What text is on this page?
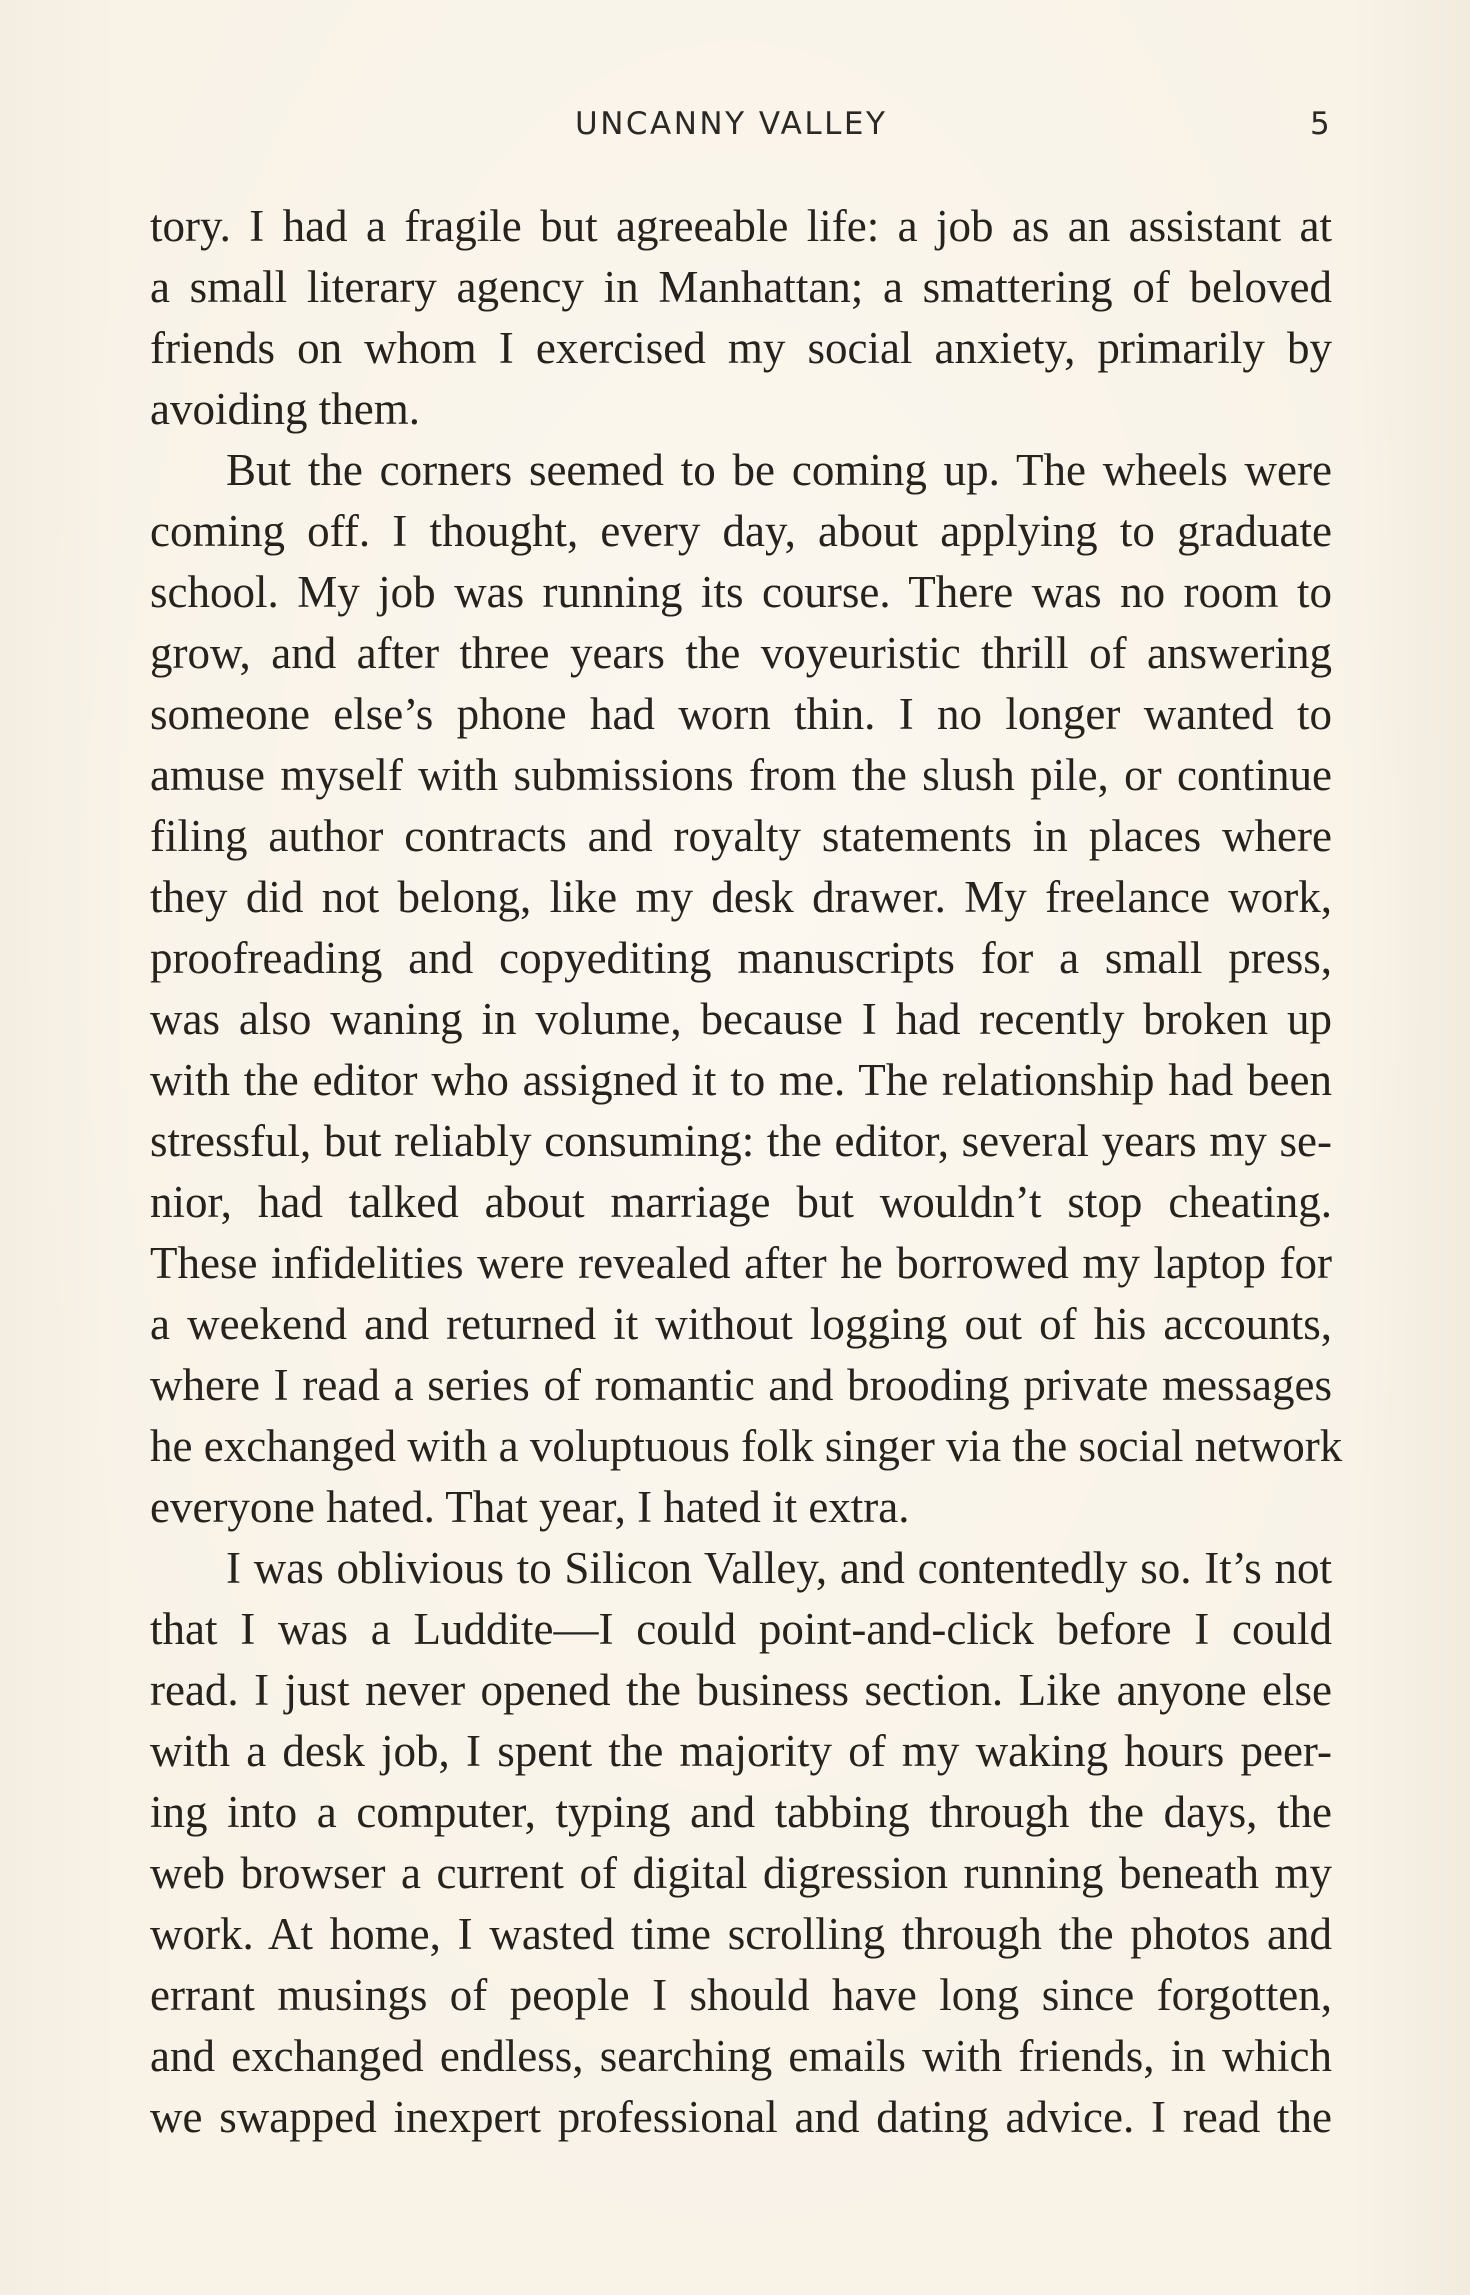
UNCANNY VALLEY	5
tory. I had a fragile but agreeable life: a job as an assistant at
a small literary agency in Manhattan; a smattering of beloved
friends on whom I exercised my social anxiety, primarily by
avoiding them.
But the corners seemed to be coming up. The wheels were
coming off. I thought, every day, about applying to graduate
school. My job was running its course. There was no room to
grow, and after three years the voyeuristic thrill of answering
someone else’s phone had worn thin. I no longer wanted to
amuse myself with submissions from the slush pile, or continue
filing author contracts and royalty statements in places where
they did not belong, like my desk drawer. My freelance work,
proofreading and copyediting manuscripts for a small press,
was also waning in volume, because I had recently broken up
with the editor who assigned it to me. The relationship had been
stressful, but reliably consuming: the editor, several years my se-
nior, had talked about marriage but wouldn’t stop cheating.
These infidelities were revealed after he borrowed my laptop for
a weekend and returned it without logging out of his accounts,
where I read a series of romantic and brooding private messages
he exchanged with a voluptuous folk singer via the social network
everyone hated. That year, I hated it extra.
I was oblivious to Silicon Valley, and contentedly so. It’s not
that I was a Luddite—I could point-and-click before I could
read. I just never opened the business section. Like anyone else
with a desk job, I spent the majority of my waking hours peer-
ing into a computer, typing and tabbing through the days, the
web browser a current of digital digression running beneath my
work. At home, I wasted time scrolling through the photos and
errant musings of people I should have long since forgotten,
and exchanged endless, searching emails with friends, in which
we swapped inexpert professional and dating advice. I read the
